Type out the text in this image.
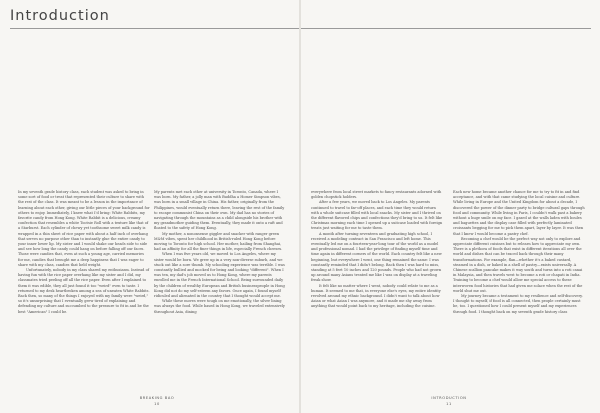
Introduction

In my seventh grade history class, each student was asked to bring in some sort of food or treat that represented their culture to share with the rest of the class. It was meant to be a lesson in the importance of learning about each other, giving our little pieces of your background for others to enjoy. Immediately, I knew what I'd bring: White Rabbits, my favorite candy from Hong Kong. White Rabbit is a delicious, creamy confection that resembles a white Tootsie Roll with a texture like that of a Starburst. Each cylinder of chewy yet toothsome sweet milk candy is wrapped in a thin sheet of rice paper with about a half inch of overhang that serves no purpose other than to instantly glue the entire candy to your inner lower lip. My sister and I would shake our heads side to side and see how long the candy could hang on before falling off our faces. Those were candies that, even at such a young age, carried memories for me, candies that brought me a deep happiness that I was eager to share with my class, candies that held weight.

Unfortunately, nobody in my class shared my enthusiasm. Instead of having fun with the rice paper overhang like my sister and I did, my classmates tried peeling off all the rice paper. Even after I explained to them it was edible, they all just found it too "weird" even to taste. I returned to my desk heartbroken among a sea of uneaten White Rabbits. Back then, so many of the things I enjoyed with my family were "weird," so it's unsurprising that I eventually grew tired of explaining and defending my culture and succumbed to the pressure to fit in and be the best "American" I could be.

My parents met each other at university in Toronto, Canada, where I was born. My father, a jolly man with Buddha a Homer Simpson vibes, was born in a small village in China. His father, originally from the Philippines, would eventually return there, leaving the rest of the family to escape communist China on their own. My dad has no stories of navigating through the mountains as a child alongside his brother with my grandmother guiding them. Eventually, they made it onto a raft and floated to the safety of Hong Kong.

My mother, a nononsense giggler and snacker with ranger green M&M vibes, spent her childhood in British-ruled Hong Kong before moving to Toronto for high school. Her mother, hailing from Shanghai, had an affinity for all the finer things in life, especially French cheeses.

When I was five years old, we moved to Los Angeles, where my sister would be born. We grew up in a very non-diverse suburb, and we stuck out like a sore thumb. My schooling experience was terrible. I was constantly bullied and mocked for being and looking "different". When I was ten, my dad's job moved us to Hong Kong, where my parents enrolled me in the French International School. Being surrounded daily by the children of wealthy European and British businesspeople in Hong Kong did not do my self-esteem any favors. Once again, I found myself ridiculed and alienated in the country that I thought would accept me.

While these moves were tough on me emotionally, the silver lining was always the food. While based in Hong Kong, we traveled extensively throughout Asia, dining

BREAKING BAO
10

everywhere from local street markets to fancy restaurants adorned with golden chopstick holders.

After a few years, we moved back to Los Angeles. My parents continued to travel to far-off places, and each time they would return with a whole suitcase filled with local snacks. My sister and I thrived on the different flavored chips and confections they'd bring to us. It felt like Christmas morning each time I opened up a suitcase loaded with foreign treats just waiting for me to taste them.

A month after turning seventeen and graduating high school, I received a modeling contract in San Francisco and left home. This eventually led me on a fourteen-year-long tour of the world as a model and professional nomad. I had the privilege of finding myself time and time again in different corners of the world. Each country felt like a new beginning, but everywhere I went, one thing remained the same: I was constantly reminded that I didn't belong. Back then I was hard to miss, standing at 5 feet 10 inches and 120 pounds. People who had not grown up around many Asians treated me like I was on display at a traveling freak show.

It felt like no matter where I went, nobody could relate to me as a human. It seemed to me that, in everyone else's eyes, my entire identity revolved around my ethnic background. I didn't want to talk about how Asian or what Asian I was anymore, and it made me shy away from anything that would point back to my heritage, including the cuisine.

Each new home became another chance for me to try to fit in and find acceptance, and with that came studying the local cuisine and culture. While living in Europe and the United Kingdom for about a decade, I discovered the power of the dinner party to bridge cultural gaps through food and community. While living in Paris, I couldn't walk past a bakery without a huge smile on my face. I gazed at the walls laden with boules and baguettes and the display case filled with perfectly laminated croissants begging for me to pick them apart, layer by layer. It was then that I knew I would become a pastry chef.

Becoming a chef would be the perfect way not only to explore and appreciate different cuisines but to relearn how to appreciate my own. There is a plethora of foods that exist in different iterations all over the world and dishes that can be traced back through their many transformations. For example, flan—whether it's a baked custard, steamed in a dish, or baked in a shell of pastry—exists universally. A Chinese scallion pancake makes it way south and turns into a roti canai in Malaysia, and then travels west to become a roti or chapati in India. Training to become a chef would allow me special access to these interwoven food histories that had given me solace when the rest of the world shut me out.

My journey became a testament to my resilience and self-discovery. I thought to myself, if food is all connected, then people certainly must be, too. I questioned how I could present myself and my experiences through food. I thought back on my seventh grade history class

INTRODUCTION
11
